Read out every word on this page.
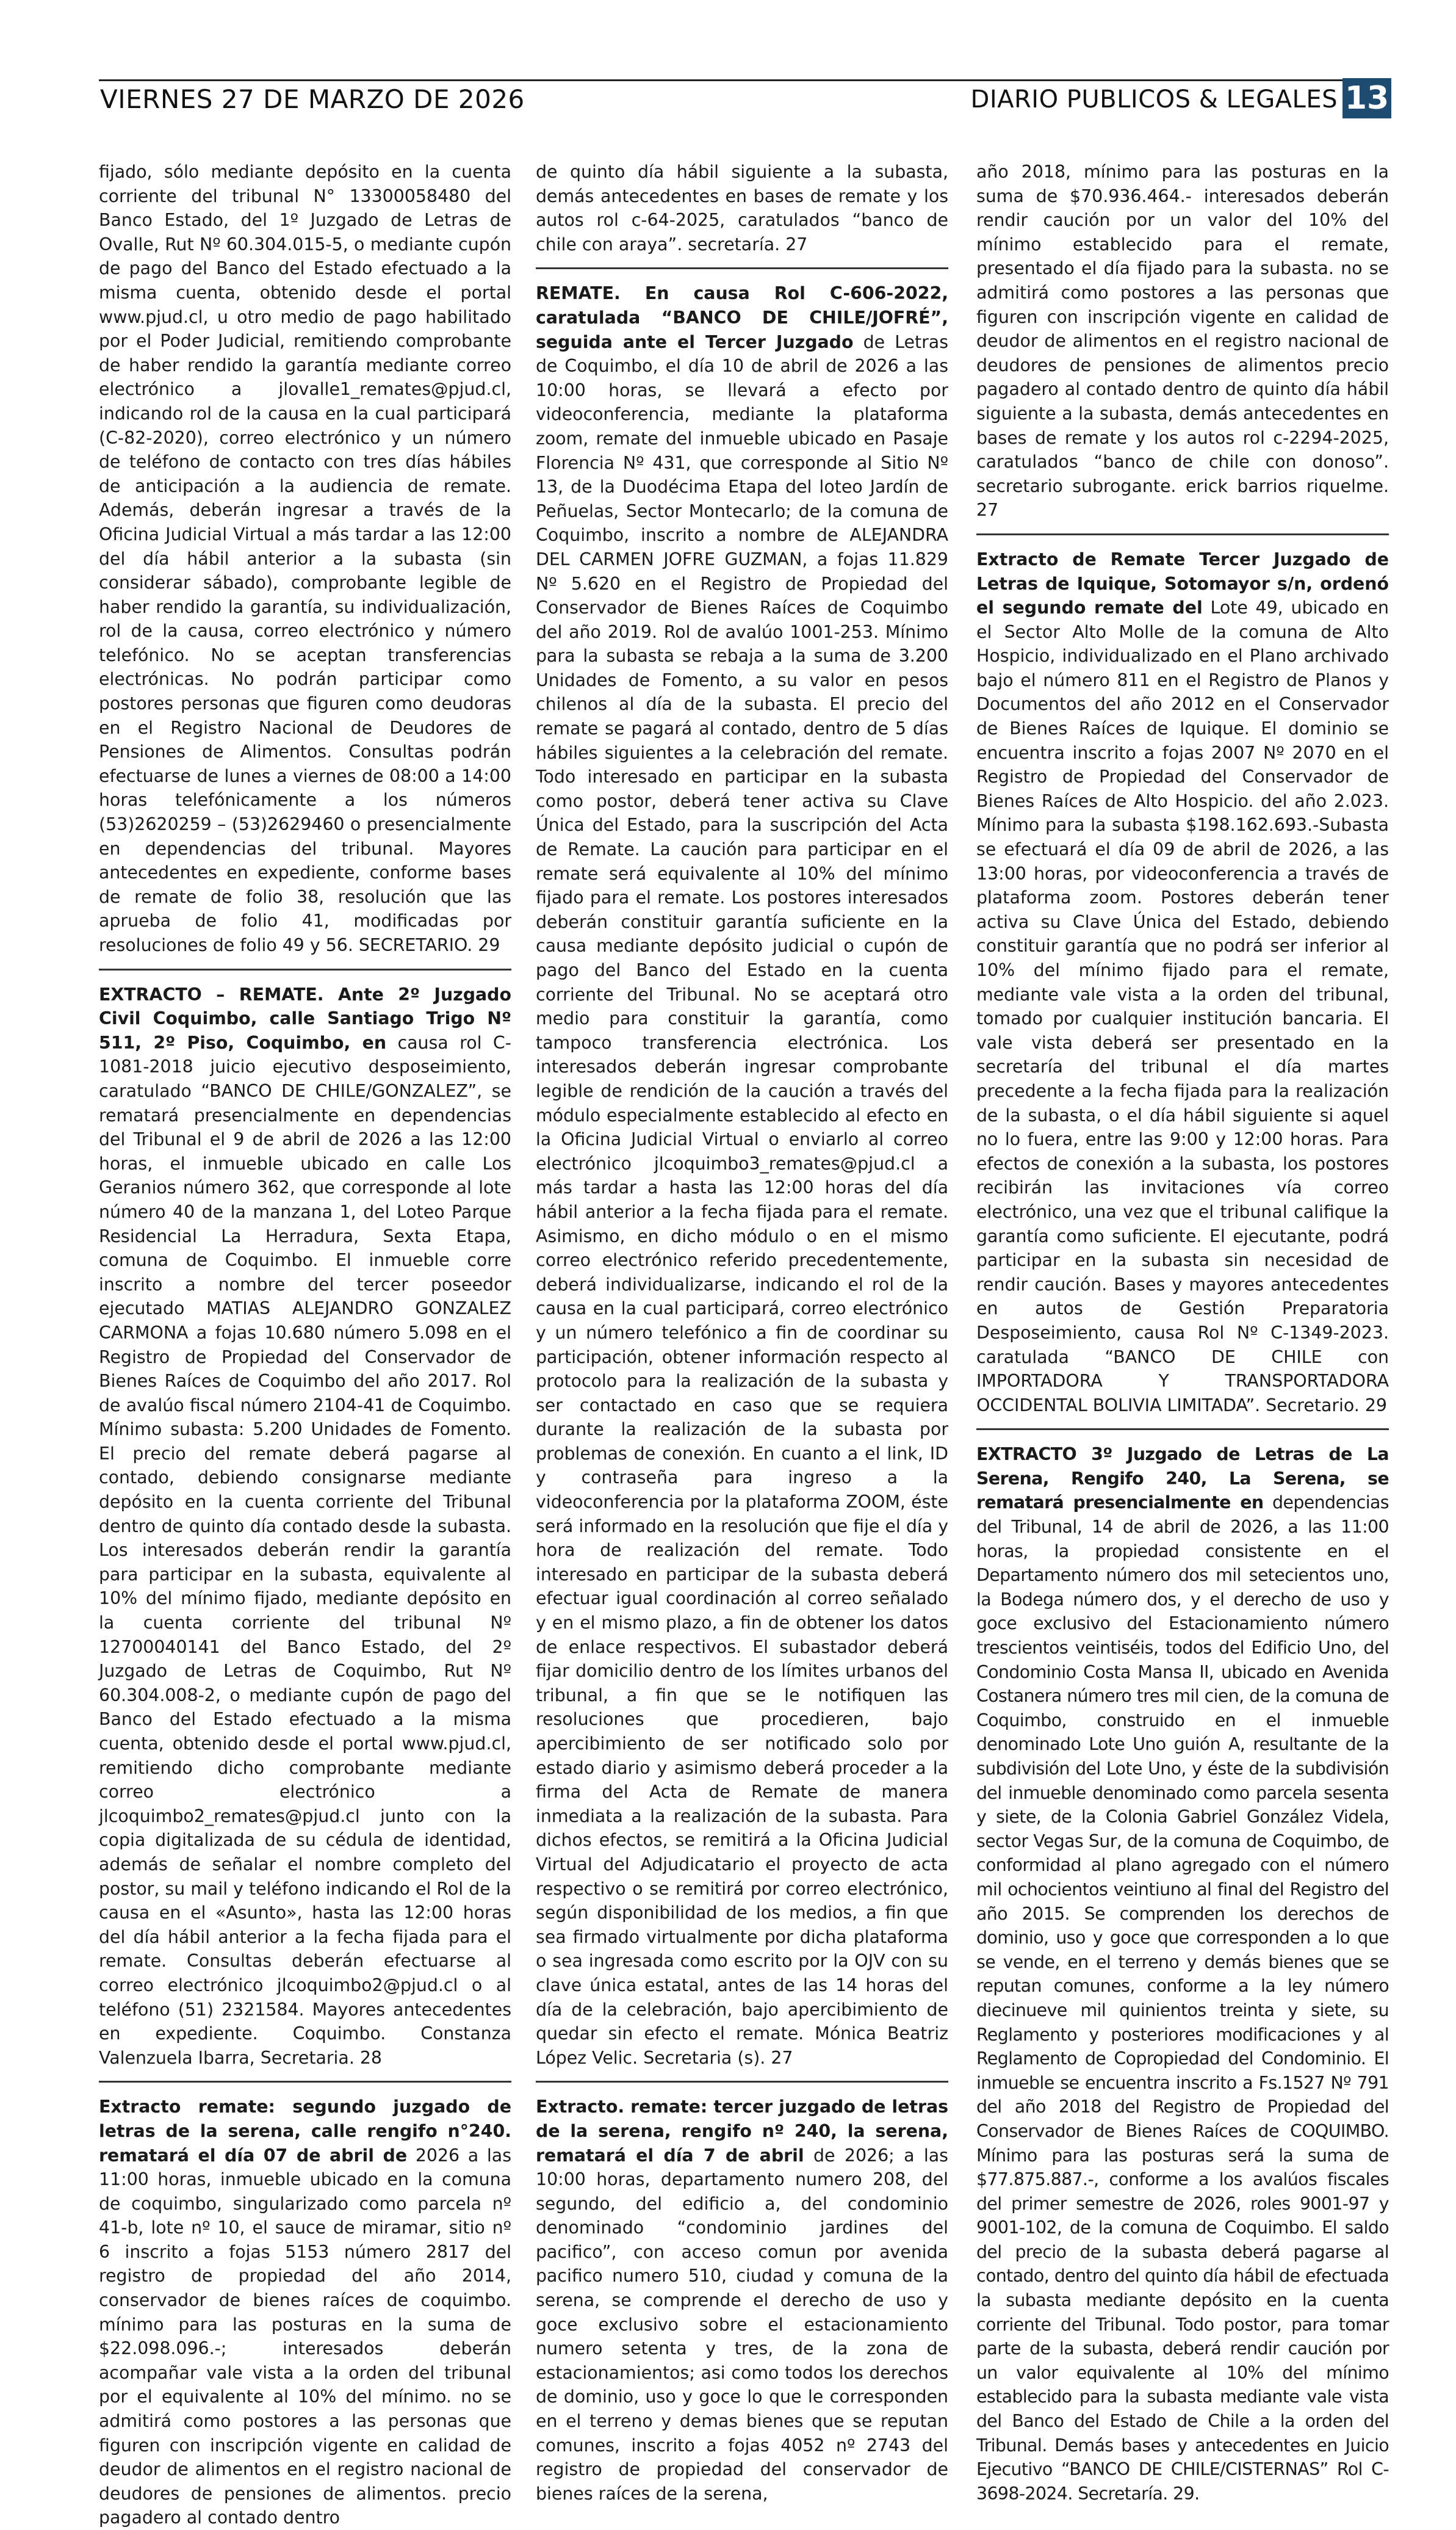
VIERNES 27 DE MARZO DE 2026	DIARIO PUBLICOS & LEGALES 13

fijado, sólo mediante depósito en la cuenta corriente del tribunal N° 13300058480 del Banco Estado, del 1º Juzgado de Letras de Ovalle, Rut Nº 60.304.015-5, o mediante cupón de pago del Banco del Estado efectuado a la misma cuenta, obtenido desde el portal www.pjud.cl, u otro medio de pago habilitado por el Poder Judicial, remitiendo comprobante de haber rendido la garantía mediante correo electrónico a jlovalle1_remates@pjud.cl, indicando rol de la causa en la cual participará (C-82-2020), correo electrónico y un número de teléfono de contacto con tres días hábiles de anticipación a la audiencia de remate. Además, deberán ingresar a través de la Oficina Judicial Virtual a más tardar a las 12:00 del día hábil anterior a la subasta (sin considerar sábado), comprobante legible de haber rendido la garantía, su individualización, rol de la causa, correo electrónico y número telefónico. No se aceptan transferencias electrónicas. No podrán participar como postores personas que figuren como deudoras en el Registro Nacional de Deudores de Pensiones de Alimentos. Consultas podrán efectuarse de lunes a viernes de 08:00 a 14:00 horas telefónicamente a los números (53)2620259 – (53)2629460 o presencialmente en dependencias del tribunal. Mayores antecedentes en expediente, conforme bases de remate de folio 38, resolución que las aprueba de folio 41, modificadas por resoluciones de folio 49 y 56. SECRETARIO. 29

EXTRACTO – REMATE. Ante 2º Juzgado Civil Coquimbo, calle Santiago Trigo Nº 511, 2º Piso, Coquimbo, en causa rol C-1081-2018 juicio ejecutivo desposeimiento, caratulado “BANCO DE CHILE/GONZALEZ”, se rematará presencialmente en dependencias del Tribunal el 9 de abril de 2026 a las 12:00 horas, el inmueble ubicado en calle Los Geranios número 362, que corresponde al lote número 40 de la manzana 1, del Loteo Parque Residencial La Herradura, Sexta Etapa, comuna de Coquimbo. El inmueble corre inscrito a nombre del tercer poseedor ejecutado MATIAS ALEJANDRO GONZALEZ CARMONA a fojas 10.680 número 5.098 en el Registro de Propiedad del Conservador de Bienes Raíces de Coquimbo del año 2017. Rol de avalúo fiscal número 2104-41 de Coquimbo. Mínimo subasta: 5.200 Unidades de Fomento. El precio del remate deberá pagarse al contado, debiendo consignarse mediante depósito en la cuenta corriente del Tribunal dentro de quinto día contado desde la subasta. Los interesados deberán rendir la garantía para participar en la subasta, equivalente al 10% del mínimo fijado, mediante depósito en la cuenta corriente del tribunal Nº 12700040141 del Banco Estado, del 2º Juzgado de Letras de Coquimbo, Rut Nº 60.304.008-2, o mediante cupón de pago del Banco del Estado efectuado a la misma cuenta, obtenido desde el portal www.pjud.cl, remitiendo dicho comprobante mediante correo electrónico a jlcoquimbo2_remates@pjud.cl junto con la copia digitalizada de su cédula de identidad, además de señalar el nombre completo del postor, su mail y teléfono indicando el Rol de la causa en el «Asunto», hasta las 12:00 horas del día hábil anterior a la fecha fijada para el remate. Consultas deberán efectuarse al correo electrónico jlcoquimbo2@pjud.cl o al teléfono (51) 2321584. Mayores antecedentes en expediente. Coquimbo. Constanza Valenzuela Ibarra, Secretaria. 28

Extracto remate: segundo juzgado de letras de la serena, calle rengifo n°240. rematará el día 07 de abril de 2026 a las 11:00 horas, inmueble ubicado en la comuna de coquimbo, singularizado como parcela nº 41-b, lote nº 10, el sauce de miramar, sitio nº 6 inscrito a fojas 5153 número 2817 del registro de propiedad del año 2014, conservador de bienes raíces de coquimbo. mínimo para las posturas en la suma de $22.098.096.-; interesados deberán acompañar vale vista a la orden del tribunal por el equivalente al 10% del mínimo. no se admitirá como postores a las personas que figuren con inscripción vigente en calidad de deudor de alimentos en el registro nacional de deudores de pensiones de alimentos. precio pagadero al contado dentro

de quinto día hábil siguiente a la subasta, demás antecedentes en bases de remate y los autos rol c-64-2025, caratulados “banco de chile con araya”. secretaría. 27

REMATE. En causa Rol C-606-2022, caratulada “BANCO DE CHILE/JOFRÉ”, seguida ante el Tercer Juzgado de Letras de Coquimbo, el día 10 de abril de 2026 a las 10:00 horas, se llevará a efecto por videoconferencia, mediante la plataforma zoom, remate del inmueble ubicado en Pasaje Florencia Nº 431, que corresponde al Sitio Nº 13, de la Duodécima Etapa del loteo Jardín de Peñuelas, Sector Montecarlo; de la comuna de Coquimbo, inscrito a nombre de ALEJANDRA DEL CARMEN JOFRE GUZMAN, a fojas 11.829 Nº 5.620 en el Registro de Propiedad del Conservador de Bienes Raíces de Coquimbo del año 2019. Rol de avalúo 1001-253. Mínimo para la subasta se rebaja a la suma de 3.200 Unidades de Fomento, a su valor en pesos chilenos al día de la subasta. El precio del remate se pagará al contado, dentro de 5 días hábiles siguientes a la celebración del remate. Todo interesado en participar en la subasta como postor, deberá tener activa su Clave Única del Estado, para la suscripción del Acta de Remate. La caución para participar en el remate será equivalente al 10% del mínimo fijado para el remate. Los postores interesados deberán constituir garantía suficiente en la causa mediante depósito judicial o cupón de pago del Banco del Estado en la cuenta corriente del Tribunal. No se aceptará otro medio para constituir la garantía, como tampoco transferencia electrónica. Los interesados deberán ingresar comprobante legible de rendición de la caución a través del módulo especialmente establecido al efecto en la Oficina Judicial Virtual o enviarlo al correo electrónico jlcoquimbo3_remates@pjud.cl a más tardar a hasta las 12:00 horas del día hábil anterior a la fecha fijada para el remate. Asimismo, en dicho módulo o en el mismo correo electrónico referido precedentemente, deberá individualizarse, indicando el rol de la causa en la cual participará, correo electrónico y un número telefónico a fin de coordinar su participación, obtener información respecto al protocolo para la realización de la subasta y ser contactado en caso que se requiera durante la realización de la subasta por problemas de conexión. En cuanto a el link, ID y contraseña para ingreso a la videoconferencia por la plataforma ZOOM, éste será informado en la resolución que fije el día y hora de realización del remate. Todo interesado en participar de la subasta deberá efectuar igual coordinación al correo señalado y en el mismo plazo, a fin de obtener los datos de enlace respectivos. El subastador deberá fijar domicilio dentro de los límites urbanos del tribunal, a fin que se le notifiquen las resoluciones que procedieren, bajo apercibimiento de ser notificado solo por estado diario y asimismo deberá proceder a la firma del Acta de Remate de manera inmediata a la realización de la subasta. Para dichos efectos, se remitirá a la Oficina Judicial Virtual del Adjudicatario el proyecto de acta respectivo o se remitirá por correo electrónico, según disponibilidad de los medios, a fin que sea firmado virtualmente por dicha plataforma o sea ingresada como escrito por la OJV con su clave única estatal, antes de las 14 horas del día de la celebración, bajo apercibimiento de quedar sin efecto el remate. Mónica Beatriz López Velic. Secretaria (s). 27

Extracto. remate: tercer juzgado de letras de la serena, rengifo nº 240, la serena, rematará el día 7 de abril de 2026; a las 10:00 horas, departamento numero 208, del segundo, del edificio a, del condominio denominado “condominio jardines del pacifico”, con acceso comun por avenida pacifico numero 510, ciudad y comuna de la serena, se comprende el derecho de uso y goce exclusivo sobre el estacionamiento numero setenta y tres, de la zona de estacionamientos; asi como todos los derechos de dominio, uso y goce lo que le corresponden en el terreno y demas bienes que se reputan comunes, inscrito a fojas 4052 nº 2743 del registro de propiedad del conservador de bienes raíces de la serena,

año 2018, mínimo para las posturas en la suma de $70.936.464.- interesados deberán rendir caución por un valor del 10% del mínimo establecido para el remate, presentado el día fijado para la subasta. no se admitirá como postores a las personas que figuren con inscripción vigente en calidad de deudor de alimentos en el registro nacional de deudores de pensiones de alimentos precio pagadero al contado dentro de quinto día hábil siguiente a la subasta, demás antecedentes en bases de remate y los autos rol c-2294-2025, caratulados “banco de chile con donoso”. secretario subrogante. erick barrios riquelme. 27

Extracto de Remate Tercer Juzgado de Letras de Iquique, Sotomayor s/n, ordenó el segundo remate del Lote 49, ubicado en el Sector Alto Molle de la comuna de Alto Hospicio, individualizado en el Plano archivado bajo el número 811 en el Registro de Planos y Documentos del año 2012 en el Conservador de Bienes Raíces de Iquique. El dominio se encuentra inscrito a fojas 2007 Nº 2070 en el Registro de Propiedad del Conservador de Bienes Raíces de Alto Hospicio. del año 2.023. Mínimo para la subasta $198.162.693.-Subasta se efectuará el día 09 de abril de 2026, a las 13:00 horas, por videoconferencia a través de plataforma zoom. Postores deberán tener activa su Clave Única del Estado, debiendo constituir garantía que no podrá ser inferior al 10% del mínimo fijado para el remate, mediante vale vista a la orden del tribunal, tomado por cualquier institución bancaria. El vale vista deberá ser presentado en la secretaría del tribunal el día martes precedente a la fecha fijada para la realización de la subasta, o el día hábil siguiente si aquel no lo fuera, entre las 9:00 y 12:00 horas. Para efectos de conexión a la subasta, los postores recibirán las invitaciones vía correo electrónico, una vez que el tribunal califique la garantía como suficiente. El ejecutante, podrá participar en la subasta sin necesidad de rendir caución. Bases y mayores antecedentes en autos de Gestión Preparatoria Desposeimiento, causa Rol Nº C-1349-2023. caratulada “BANCO DE CHILE con IMPORTADORA Y TRANSPORTADORA OCCIDENTAL BOLIVIA LIMITADA”. Secretario. 29

EXTRACTO 3º Juzgado de Letras de La Serena, Rengifo 240, La Serena, se rematará presencialmente en dependencias del Tribunal, 14 de abril de 2026, a las 11:00 horas, la propiedad consistente en el Departamento número dos mil setecientos uno, la Bodega número dos, y el derecho de uso y goce exclusivo del Estacionamiento número trescientos veintiséis, todos del Edificio Uno, del Condominio Costa Mansa II, ubicado en Avenida Costanera número tres mil cien, de la comuna de Coquimbo, construido en el inmueble denominado Lote Uno guión A, resultante de la subdivisión del Lote Uno, y éste de la subdivisión del inmueble denominado como parcela sesenta y siete, de la Colonia Gabriel González Videla, sector Vegas Sur, de la comuna de Coquimbo, de conformidad al plano agregado con el número mil ochocientos veintiuno al final del Registro del año 2015. Se comprenden los derechos de dominio, uso y goce que corresponden a lo que se vende, en el terreno y demás bienes que se reputan comunes, conforme a la ley número diecinueve mil quinientos treinta y siete, su Reglamento y posteriores modificaciones y al Reglamento de Copropiedad del Condominio. El inmueble se encuentra inscrito a Fs.1527 Nº 791 del año 2018 del Registro de Propiedad del Conservador de Bienes Raíces de COQUIMBO. Mínimo para las posturas será la suma de $77.875.887.-, conforme a los avalúos fiscales del primer semestre de 2026, roles 9001-97 y 9001-102, de la comuna de Coquimbo. El saldo del precio de la subasta deberá pagarse al contado, dentro del quinto día hábil de efectuada la subasta mediante depósito en la cuenta corriente del Tribunal. Todo postor, para tomar parte de la subasta, deberá rendir caución por un valor equivalente al 10% del mínimo establecido para la subasta mediante vale vista del Banco del Estado de Chile a la orden del Tribunal. Demás bases y antecedentes en Juicio Ejecutivo “BANCO DE CHILE/CISTERNAS” Rol C-3698-2024. Secretaría. 29.
